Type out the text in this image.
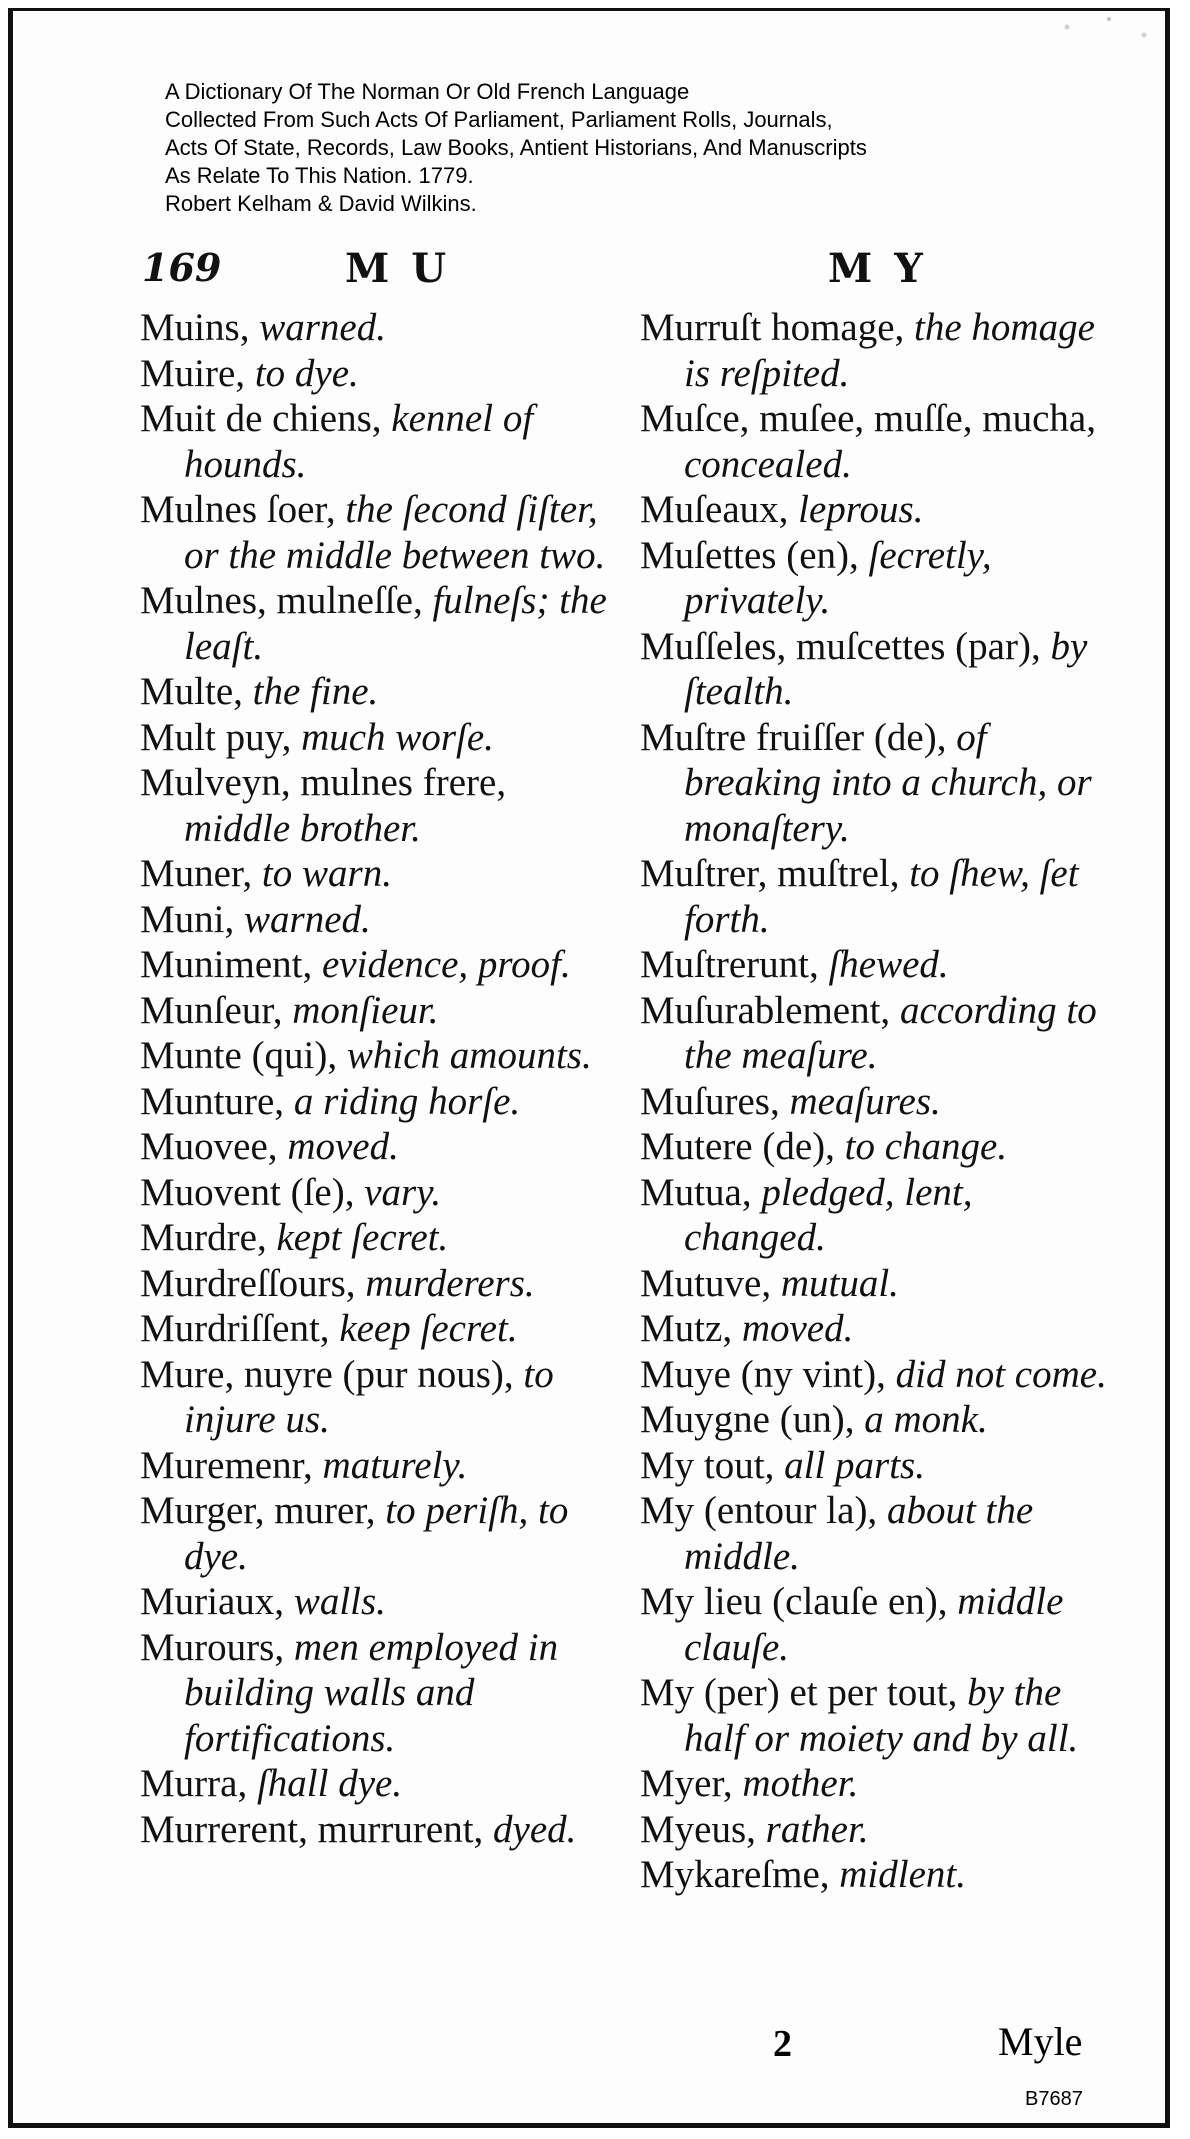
A Dictionary Of The Norman Or Old French Language
Collected From Such Acts Of Parliament, Parliament Rolls, Journals,
Acts Of State, Records, Law Books, Antient Historians, And Manuscripts
As Relate To This Nation. 1779.
Robert Kelham & David Wilkins.
169	M U	M Y

Muins, warned.

Muire, to dye.

Muit de chiens, kennel of hounds.

Mulnes ſoer, the ſecond ſiſter, or the middle between two.

Mulnes, mulneſſe, fulneſs; the leaſt.

Multe, the fine.

Mult puy, much worſe.

Mulveyn, mulnes frere, middle brother.

Muner, to warn.

Muni, warned.

Muniment, evidence, proof.

Munſeur, monſieur.

Munte (qui), which amounts.

Munture, a riding horſe.

Muovee, moved.

Muovent (ſe), vary.

Murdre, kept ſecret.

Murdreſſours, murderers.

Murdriſſent, keep ſecret.

Mure, nuyre (pur nous), to injure us.

Muremenr, maturely.

Murger, murer, to periſh, to dye.

Muriaux, walls.

Murours, men employed in building walls and fortifications.

Murra, ſhall dye.

Murrerent, murrurent, dyed.

Murruſt homage, the homage is reſpited.

Muſce, muſee, muſſe, mucha, concealed.

Muſeaux, leprous.

Muſettes (en), ſecretly, privately.

Muſſeles, muſcettes (par), by ſtealth.

Muſtre fruiſſer (de), of breaking into a church, or monaſtery.

Muſtrer, muſtrel, to ſhew, ſet forth.

Muſtrerunt, ſhewed.

Muſurablement, according to the meaſure.

Muſures, meaſures.

Mutere (de), to change.

Mutua, pledged, lent, changed.

Mutuve, mutual.

Mutz, moved.

Muye (ny vint), did not come.

Muygne (un), a monk.

My tout, all parts.

My (entour la), about the middle.

My lieu (clauſe en), middle clauſe.

My (per) et per tout, by the half or moiety and by all.

Myer, mother.

Myeus, rather.

Mykareſme, midlent.

2	Myle
B7687
